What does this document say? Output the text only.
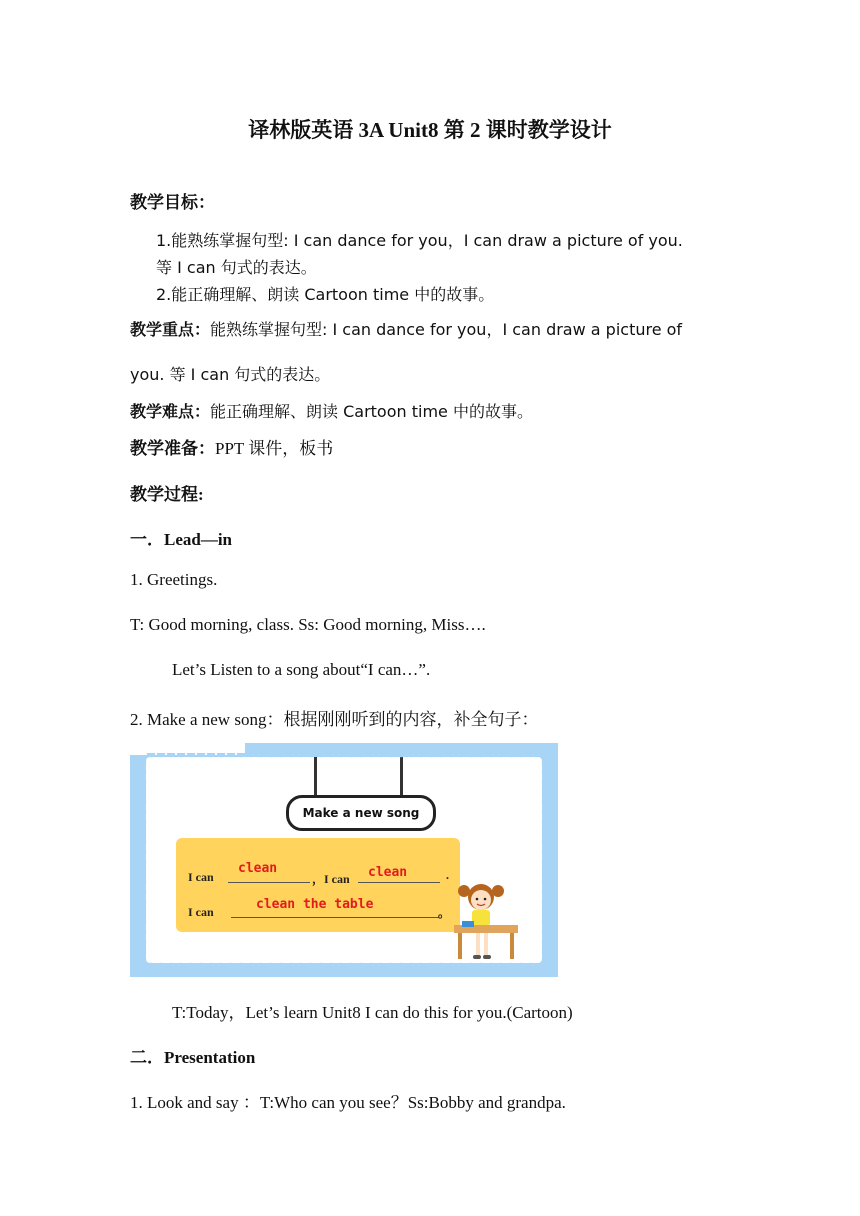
译林版英语 3A Unit8 第 2 课时教学设计
教学目标：
1.能熟练掌握句型: I can dance for you，I can draw a picture of you.
等 I can 句式的表达。
2.能正确理解、朗读 Cartoon time 中的故事。
教学重点：能熟练掌握句型: I can dance for you，I can draw a picture of
you. 等 I can 句式的表达。
教学难点：能正确理解、朗读 Cartoon time 中的故事。
教学准备：PPT 课件，板书
教学过程:
一．Lead—in
1. Greetings.
T: Good morning, class. Ss: Good morning, Miss….
Let’s Listen to a song about“I can…”.
2. Make a new song：根据刚刚听到的内容，补全句子：
Make a new song
I can
clean
，I can clean	.
I can	clean the table
。
T:Today，Let’s learn Unit8 I can do this for you.(Cartoon)
二．Presentation
1. Look and say ：T:Who can you see？Ss:Bobby and grandpa.
